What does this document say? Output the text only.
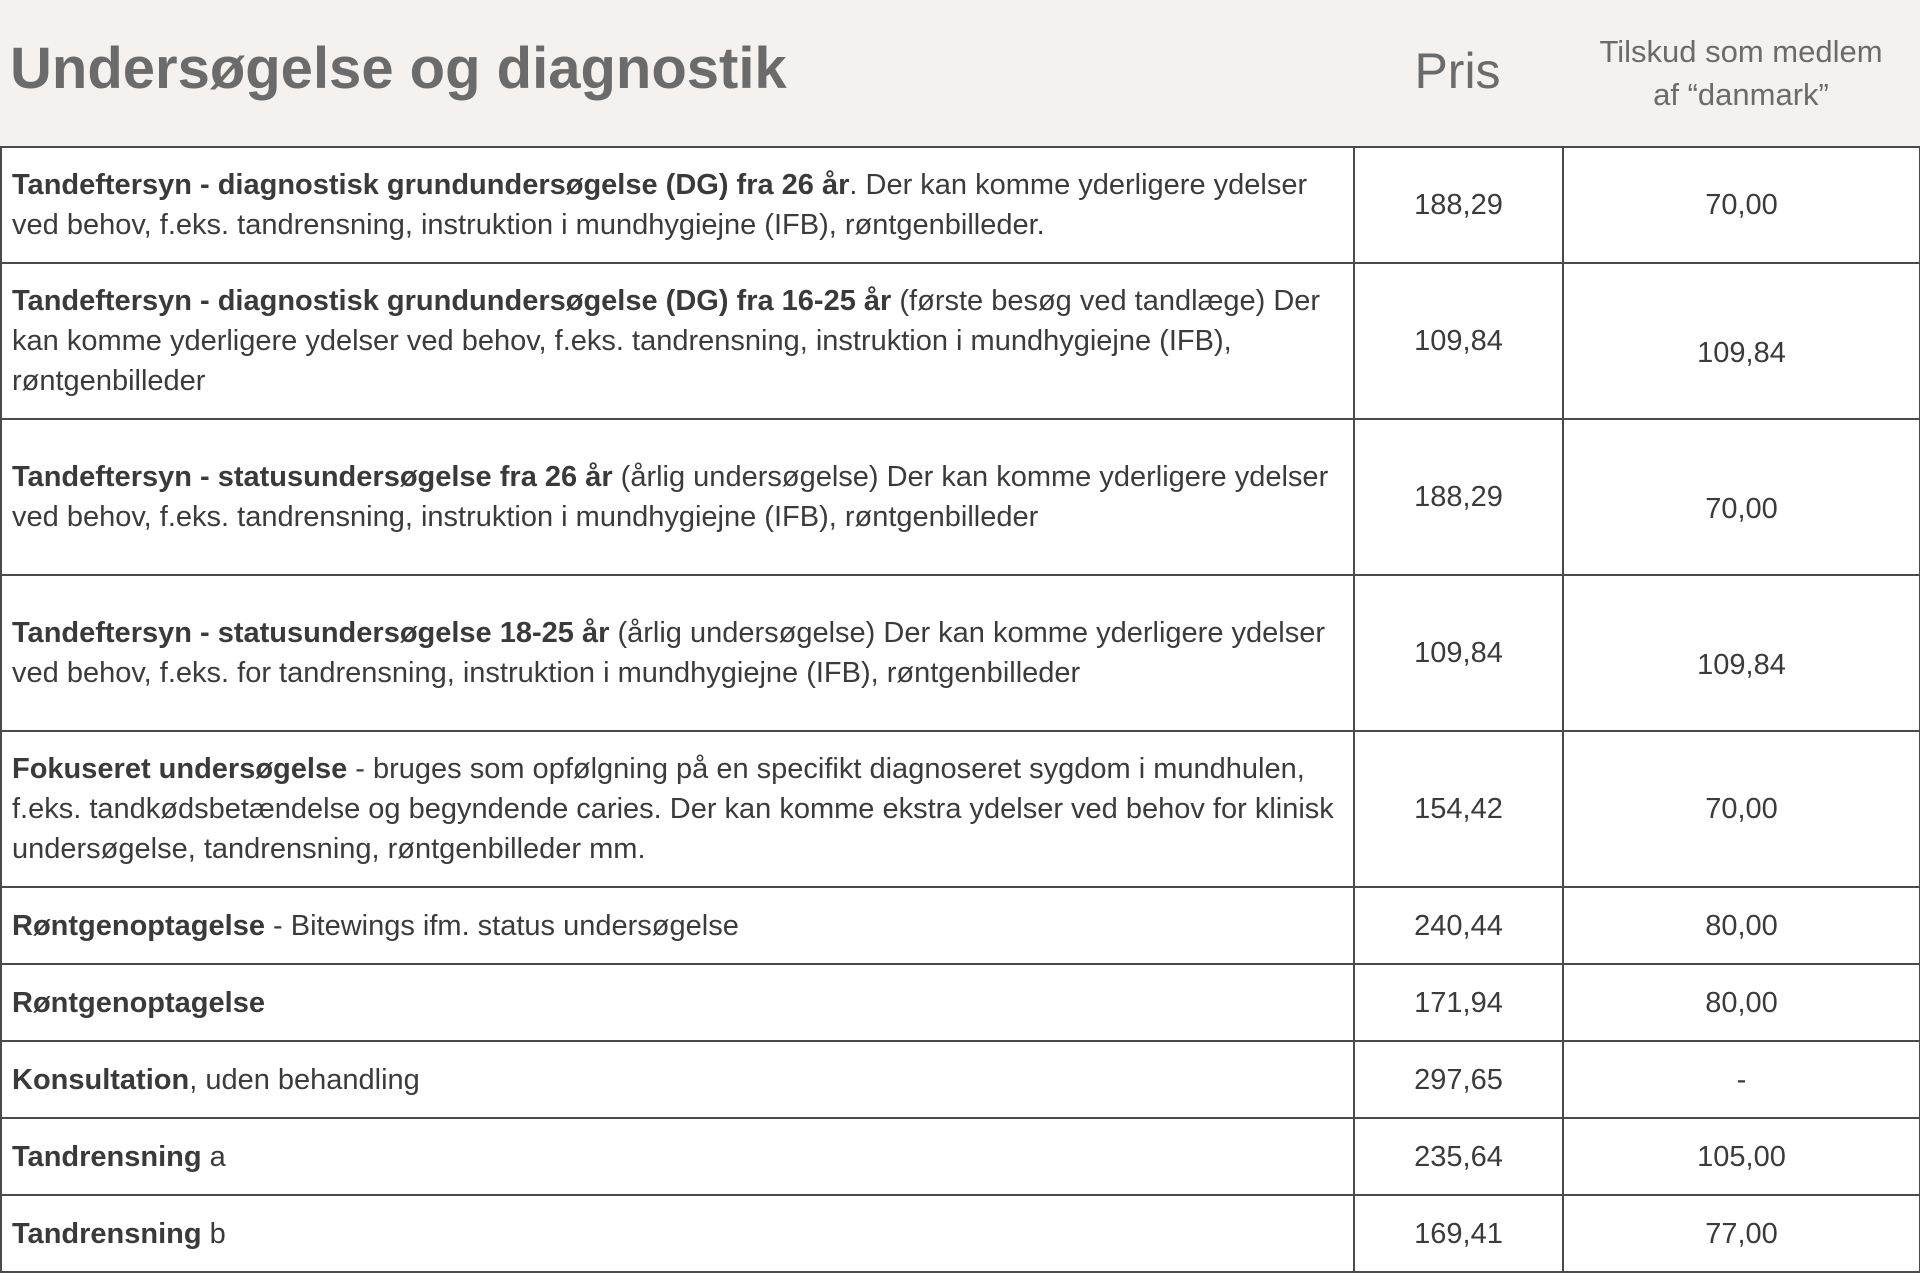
Undersøgelse og diagnostik	Pris	Tilskud som medlem
af “danmark”
Tandeftersyn - diagnostisk grundundersøgelse (DG) fra 26 år. Der kan komme yderligere ydelser ved behov, f.eks. tandrensning, instruktion i mundhygiejne (IFB), røntgenbilleder.	188,29	70,00
Tandeftersyn - diagnostisk grundundersøgelse (DG) fra 16-25 år (første besøg ved tandlæge) Der kan komme yderligere ydelser ved behov, f.eks. tandrensning, instruktion i mundhygiejne (IFB), røntgenbilleder	109,84	109,84
Tandeftersyn - statusundersøgelse fra 26 år (årlig undersøgelse) Der kan komme yderligere ydelser ved behov, f.eks. tandrensning, instruktion i mundhygiejne (IFB), røntgenbilleder	188,29	70,00
Tandeftersyn - statusundersøgelse 18-25 år (årlig undersøgelse) Der kan komme yderligere ydelser ved behov, f.eks. for tandrensning, instruktion i mundhygiejne (IFB), røntgenbilleder	109,84	109,84
Fokuseret undersøgelse - bruges som opfølgning på en specifikt diagnoseret sygdom i mundhulen, f.eks. tandkødsbetændelse og begyndende caries. Der kan komme ekstra ydelser ved behov for klinisk undersøgelse, tandrensning, røntgenbilleder mm.	154,42	70,00
Røntgenoptagelse - Bitewings ifm. status undersøgelse	240,44	80,00
Røntgenoptagelse	171,94	80,00
Konsultation, uden behandling	297,65	-
Tandrensning a	235,64	105,00
Tandrensning b	169,41	77,00
